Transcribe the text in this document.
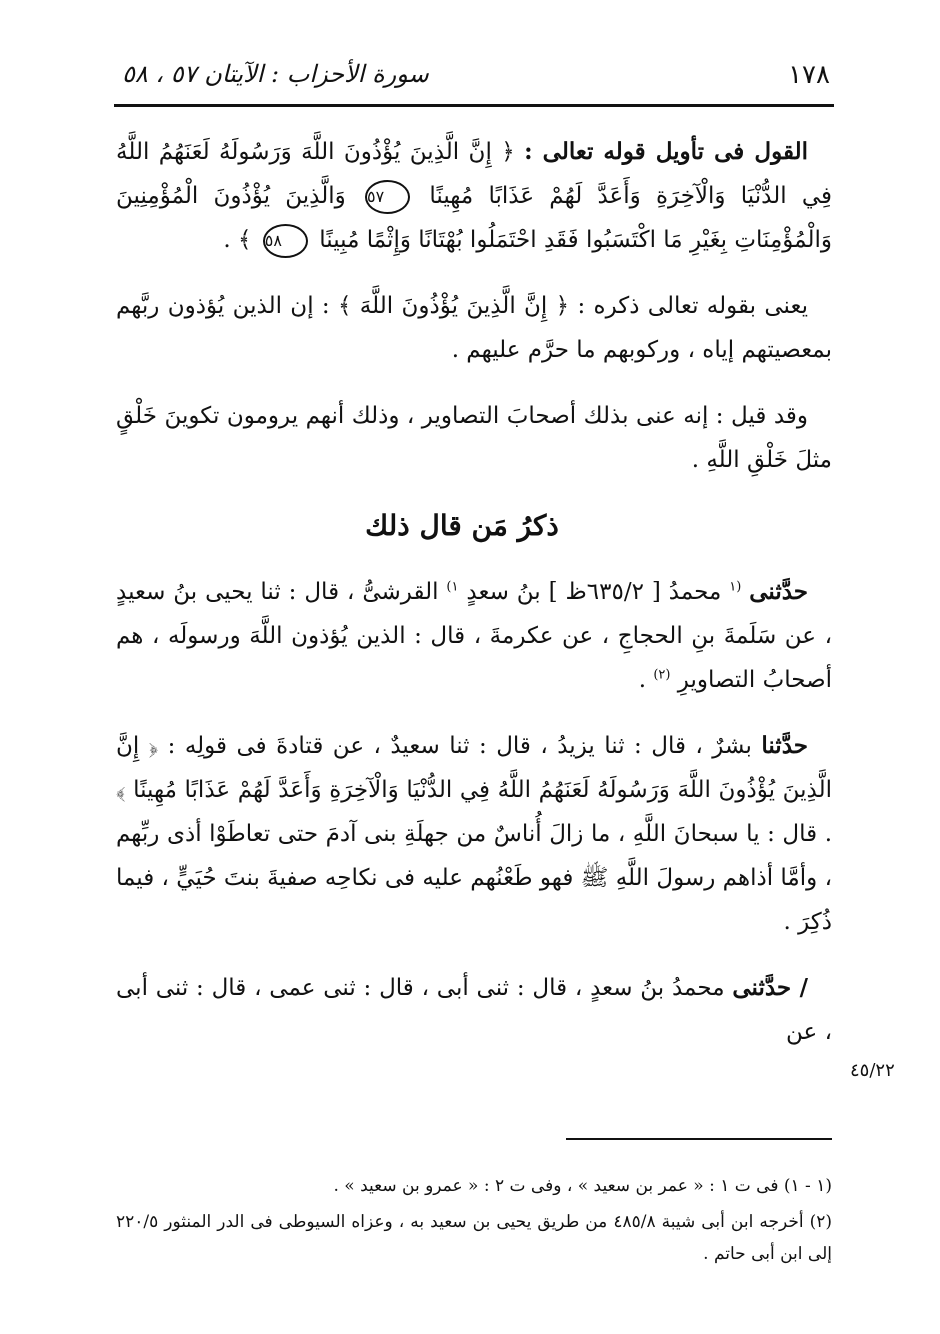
١٧٨
سورة الأحزاب : الآيتان ٥٧ ، ٥٨

القول فى تأويل قوله تعالى : ﴿ إِنَّ الَّذِينَ يُؤْذُونَ اللَّهَ وَرَسُولَهُ لَعَنَهُمُ اللَّهُ فِي الدُّنْيَا وَالْآخِرَةِ وَأَعَدَّ لَهُمْ عَذَابًا مُهِينًا ٥٧ وَالَّذِينَ يُؤْذُونَ الْمُؤْمِنِينَ وَالْمُؤْمِنَاتِ بِغَيْرِ مَا اكْتَسَبُوا فَقَدِ احْتَمَلُوا بُهْتَانًا وَإِثْمًا مُبِينًا ٥٨ ﴾ .

يعنى بقوله تعالى ذكره : ﴿ إِنَّ الَّذِينَ يُؤْذُونَ اللَّهَ ﴾ : إن الذين يُؤذون ربَّهم بمعصيتهم إياه ، وركوبهم ما حرَّم عليهم .

وقد قيل : إنه عنى بذلك أصحابَ التصاوير ، وذلك أنهم يرومون تكوينَ خَلْقٍ مثلَ خَلْقِ اللَّهِ .

ذكرُ مَن قال ذلك

حدَّثنى $^{(١}$ محمدُ [ ٦٣٥/٢ظ ] بنُ سعدٍ $^{١)}$ القرشىُّ ، قال : ثنا يحيى بنُ سعيدٍ ، عن سَلَمةَ بنِ الحجاجِ ، عن عكرمةَ ، قال : الذين يُؤذون اللَّهَ ورسولَه ، هم أصحابُ التصاويرِ $^{(٢)}$ .

حدَّثنا بشرٌ ، قال : ثنا يزيدُ ، قال : ثنا سعيدٌ ، عن قتادةَ فى قولِه : ﴿ إِنَّ الَّذِينَ يُؤْذُونَ اللَّهَ وَرَسُولَهُ لَعَنَهُمُ اللَّهُ فِي الدُّنْيَا وَالْآخِرَةِ وَأَعَدَّ لَهُمْ عَذَابًا مُهِينًا ﴾ . قال : يا سبحانَ اللَّهِ ، ما زالَ أُناسٌ من جهلَةِ بنى آدمَ حتى تعاطَوْا أذى ربِّهم ، وأمَّا أذاهم رسولَ اللَّهِ ﷺ فهو طَعْنُهم عليه فى نكاحِه صفيةَ بنتَ حُيَيٍّ ، فيما ذُكِرَ .

/ حدَّثنى محمدُ بنُ سعدٍ ، قال : ثنى أبى ، قال : ثنى عمى ، قال : ثنى أبى ، عن

٤٥/٢٢

(١ - ١) فى ت ١ : « عمر بن سعيد » ، وفى ت ٢ : « عمرو بن سعيد » .

(٢) أخرجه ابن أبى شيبة ٤٨٥/٨ من طريق يحيى بن سعيد به ، وعزاه السيوطى فى الدر المنثور ٢٢٠/٥ إلى ابن أبى حاتم .
